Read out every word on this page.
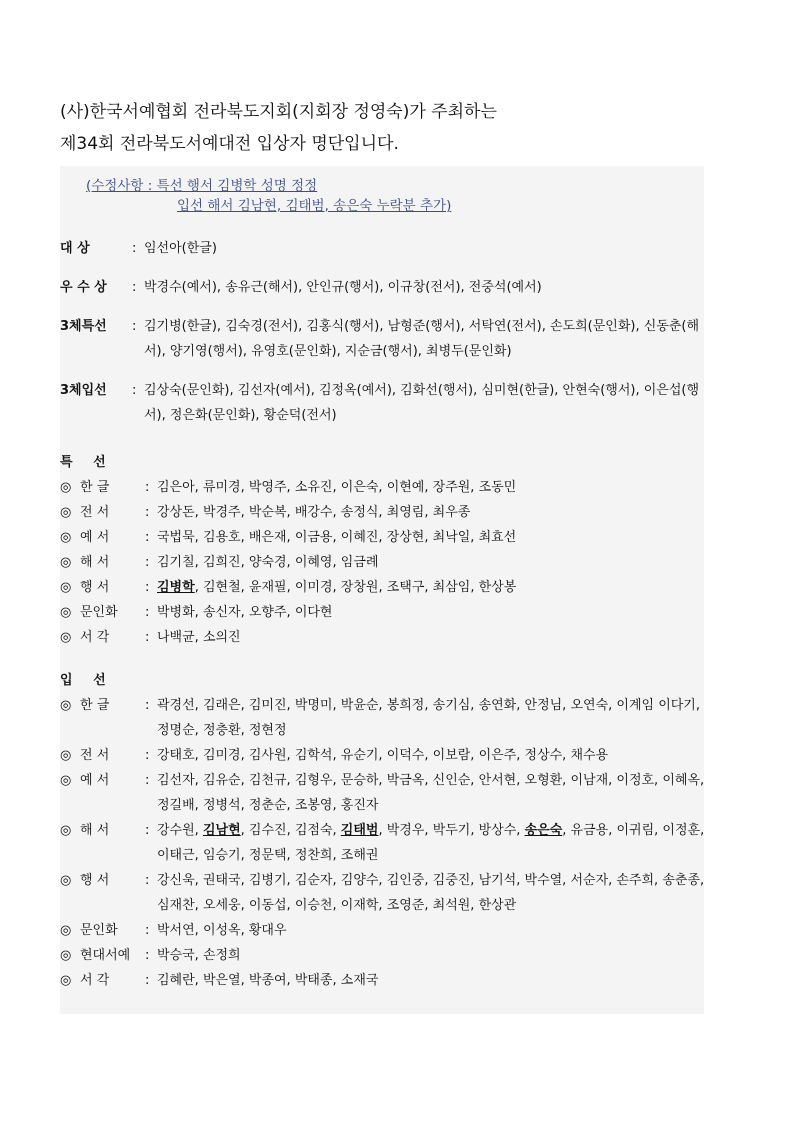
(사)한국서예협회 전라북도지회(지회장 정영숙)가 주최하는
제34회 전라북도서예대전 입상자 명단입니다.
(수정사항 : 특선 행서 김병학 성명 정정
입선 해서 김남현, 김태범, 송은숙 누락분 추가)
대 상	: 임선아(한글)
우 수 상	: 박경수(예서), 송유근(해서), 안인규(행서), 이규창(전서), 전중석(예서)
3체특선	: 김기병(한글), 김숙경(전서), 김홍식(행서), 남형준(행서), 서탁연(전서), 손도희(문인화), 신동춘(해서), 양기영(행서), 유영호(문인화), 지순금(행서), 최병두(문인화)
3체입선	: 김상숙(문인화), 김선자(예서), 김정옥(예서), 김화선(행서), 심미현(한글), 안현숙(행서), 이은섭(행서), 정은화(문인화), 황순덕(전서)
특 선
◎ 한 글	: 김은아, 류미경, 박영주, 소유진, 이은숙, 이현예, 장주원, 조동민
◎ 전 서	: 강상돈, 박경주, 박순복, 배강수, 송정식, 최영림, 최우종
◎ 예 서	: 국법묵, 김용호, 배은재, 이금용, 이혜진, 장상현, 최낙일, 최효선
◎ 해 서	: 김기칠, 김희진, 양숙경, 이혜영, 임금례
◎ 행 서	: 김병학, 김현철, 윤재필, 이미경, 장창원, 조택구, 최삼임, 한상봉
◎ 문인화	: 박병화, 송신자, 오향주, 이다현
◎ 서 각	: 나백균, 소의진
입 선
◎ 한 글	: 곽경선, 김래은, 김미진, 박명미, 박윤순, 봉희정, 송기심, 송연화, 안정님, 오연숙, 이계임 이다기, 정명순, 정충환, 정현정
◎ 전 서	: 강태호, 김미경, 김사원, 김학석, 유순기, 이덕수, 이보람, 이은주, 정상수, 채수용
◎ 예 서	: 김선자, 김유순, 김천규, 김형우, 문승하, 박금옥, 신인순, 안서현, 오형환, 이남재, 이정호, 이혜옥, 정길배, 정병석, 정춘순, 조봉영, 홍진자
◎ 해 서	: 강수원, 김남현, 김수진, 김점숙, 김태범, 박경우, 박두기, 방상수, 송은숙, 유금용, 이귀림, 이정훈, 이태근, 임승기, 정문택, 정찬희, 조해권
◎ 행 서	: 강신욱, 권태국, 김병기, 김순자, 김양수, 김인중, 김중진, 남기석, 박수열, 서순자, 손주희, 송춘종, 심재찬, 오세웅, 이동섭, 이승천, 이재학, 조영준, 최석원, 한상관
◎ 문인화	: 박서연, 이성옥, 황대우
◎ 현대서예	: 박승국, 손정희
◎ 서 각	: 김혜란, 박은열, 박종여, 박태종, 소재국
